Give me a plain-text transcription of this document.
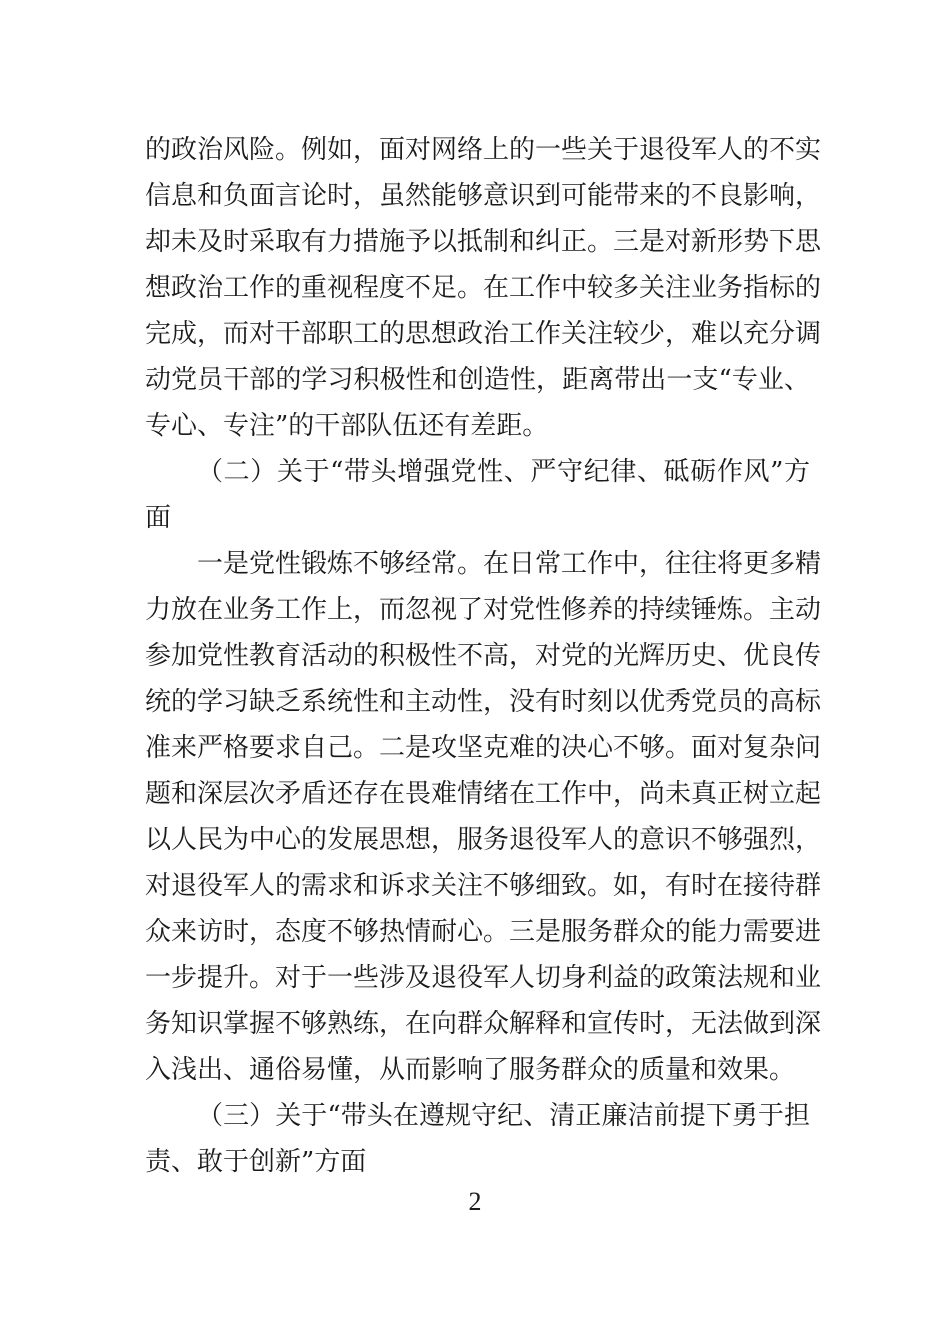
的政治风险。例如，面对网络上的一些关于退役军人的不实
信息和负面言论时，虽然能够意识到可能带来的不良影响，
却未及时采取有力措施予以抵制和纠正。三是对新形势下思
想政治工作的重视程度不足。在工作中较多关注业务指标的
完成，而对干部职工的思想政治工作关注较少，难以充分调
动党员干部的学习积极性和创造性，距离带出一支“专业、
专心、专注”的干部队伍还有差距。
（二）关于“带头增强党性、严守纪律、砥砺作风”方
面
一是党性锻炼不够经常。在日常工作中，往往将更多精
力放在业务工作上，而忽视了对党性修养的持续锤炼。主动
参加党性教育活动的积极性不高，对党的光辉历史、优良传
统的学习缺乏系统性和主动性，没有时刻以优秀党员的高标
准来严格要求自己。二是攻坚克难的决心不够。面对复杂问
题和深层次矛盾还存在畏难情绪在工作中，尚未真正树立起
以人民为中心的发展思想，服务退役军人的意识不够强烈，
对退役军人的需求和诉求关注不够细致。如，有时在接待群
众来访时，态度不够热情耐心。三是服务群众的能力需要进
一步提升。对于一些涉及退役军人切身利益的政策法规和业
务知识掌握不够熟练，在向群众解释和宣传时，无法做到深
入浅出、通俗易懂，从而影响了服务群众的质量和效果。
（三）关于“带头在遵规守纪、清正廉洁前提下勇于担
责、敢于创新”方面
2
